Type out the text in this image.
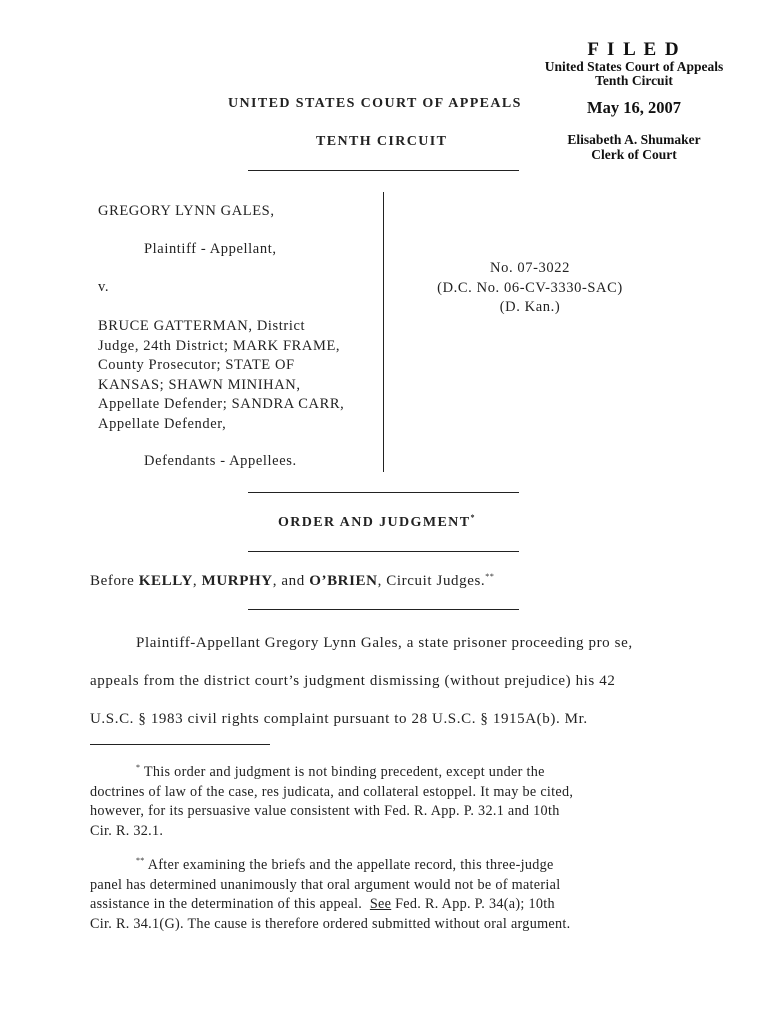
F I L E D
United States Court of Appeals
Tenth Circuit
May 16, 2007
Elisabeth A. Shumaker
Clerk of Court
UNITED STATES COURT OF APPEALS
TENTH CIRCUIT
GREGORY LYNN GALES,
Plaintiff - Appellant,
v.
BRUCE GATTERMAN, District
Judge, 24th District; MARK FRAME,
County Prosecutor; STATE OF
KANSAS; SHAWN MINIHAN,
Appellate Defender; SANDRA CARR,
Appellate Defender,
Defendants - Appellees.
No. 07-3022
(D.C. No. 06-CV-3330-SAC)
(D. Kan.)
ORDER AND JUDGMENT*
Before KELLY, MURPHY, and O’BRIEN, Circuit Judges.**
Plaintiff-Appellant Gregory Lynn Gales, a state prisoner proceeding pro se,
appeals from the district court’s judgment dismissing (without prejudice) his 42
U.S.C. § 1983 civil rights complaint pursuant to 28 U.S.C. § 1915A(b). Mr.
* This order and judgment is not binding precedent, except under the
doctrines of law of the case, res judicata, and collateral estoppel. It may be cited,
however, for its persuasive value consistent with Fed. R. App. P. 32.1 and 10th
Cir. R. 32.1.
** After examining the briefs and the appellate record, this three-judge
panel has determined unanimously that oral argument would not be of material
assistance in the determination of this appeal.  See Fed. R. App. P. 34(a); 10th
Cir. R. 34.1(G). The cause is therefore ordered submitted without oral argument.
